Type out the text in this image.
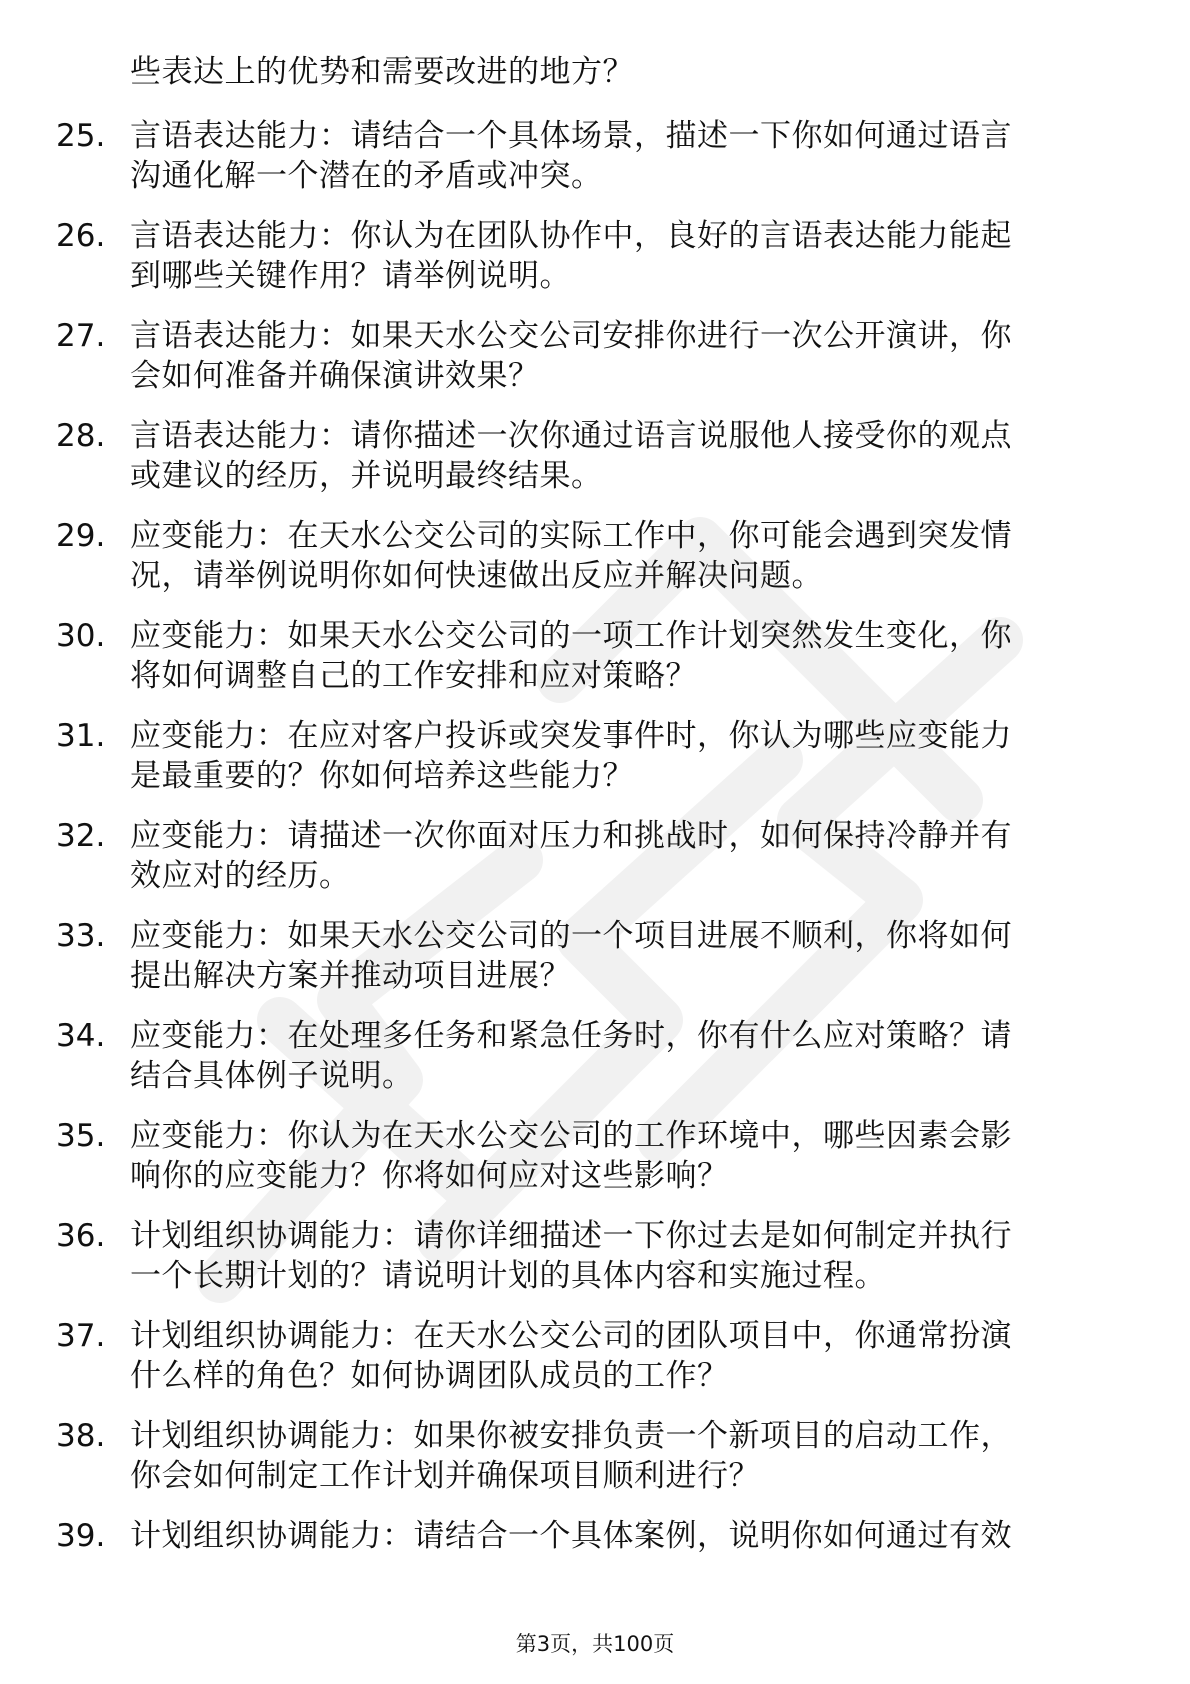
些表达上的优势和需要改进的地方？
25. 言语表达能力：请结合一个具体场景，描述一下你如何通过语言
沟通化解一个潜在的矛盾或冲突。
26. 言语表达能力：你认为在团队协作中，良好的言语表达能力能起
到哪些关键作用？请举例说明。
27. 言语表达能力：如果天水公交公司安排你进行一次公开演讲，你
会如何准备并确保演讲效果？
28. 言语表达能力：请你描述一次你通过语言说服他人接受你的观点
或建议的经历，并说明最终结果。
29. 应变能力：在天水公交公司的实际工作中，你可能会遇到突发情
况，请举例说明你如何快速做出反应并解决问题。
30. 应变能力：如果天水公交公司的一项工作计划突然发生变化，你
将如何调整自己的工作安排和应对策略？
31. 应变能力：在应对客户投诉或突发事件时，你认为哪些应变能力
是最重要的？你如何培养这些能力？
32. 应变能力：请描述一次你面对压力和挑战时，如何保持冷静并有
效应对的经历。
33. 应变能力：如果天水公交公司的一个项目进展不顺利，你将如何
提出解决方案并推动项目进展？
34. 应变能力：在处理多任务和紧急任务时，你有什么应对策略？请
结合具体例子说明。
35. 应变能力：你认为在天水公交公司的工作环境中，哪些因素会影
响你的应变能力？你将如何应对这些影响？
36. 计划组织协调能力：请你详细描述一下你过去是如何制定并执行
一个长期计划的？请说明计划的具体内容和实施过程。
37. 计划组织协调能力：在天水公交公司的团队项目中，你通常扮演
什么样的角色？如何协调团队成员的工作？
38. 计划组织协调能力：如果你被安排负责一个新项目的启动工作，
你会如何制定工作计划并确保项目顺利进行？
39. 计划组织协调能力：请结合一个具体案例，说明你如何通过有效
第3页，共100页
